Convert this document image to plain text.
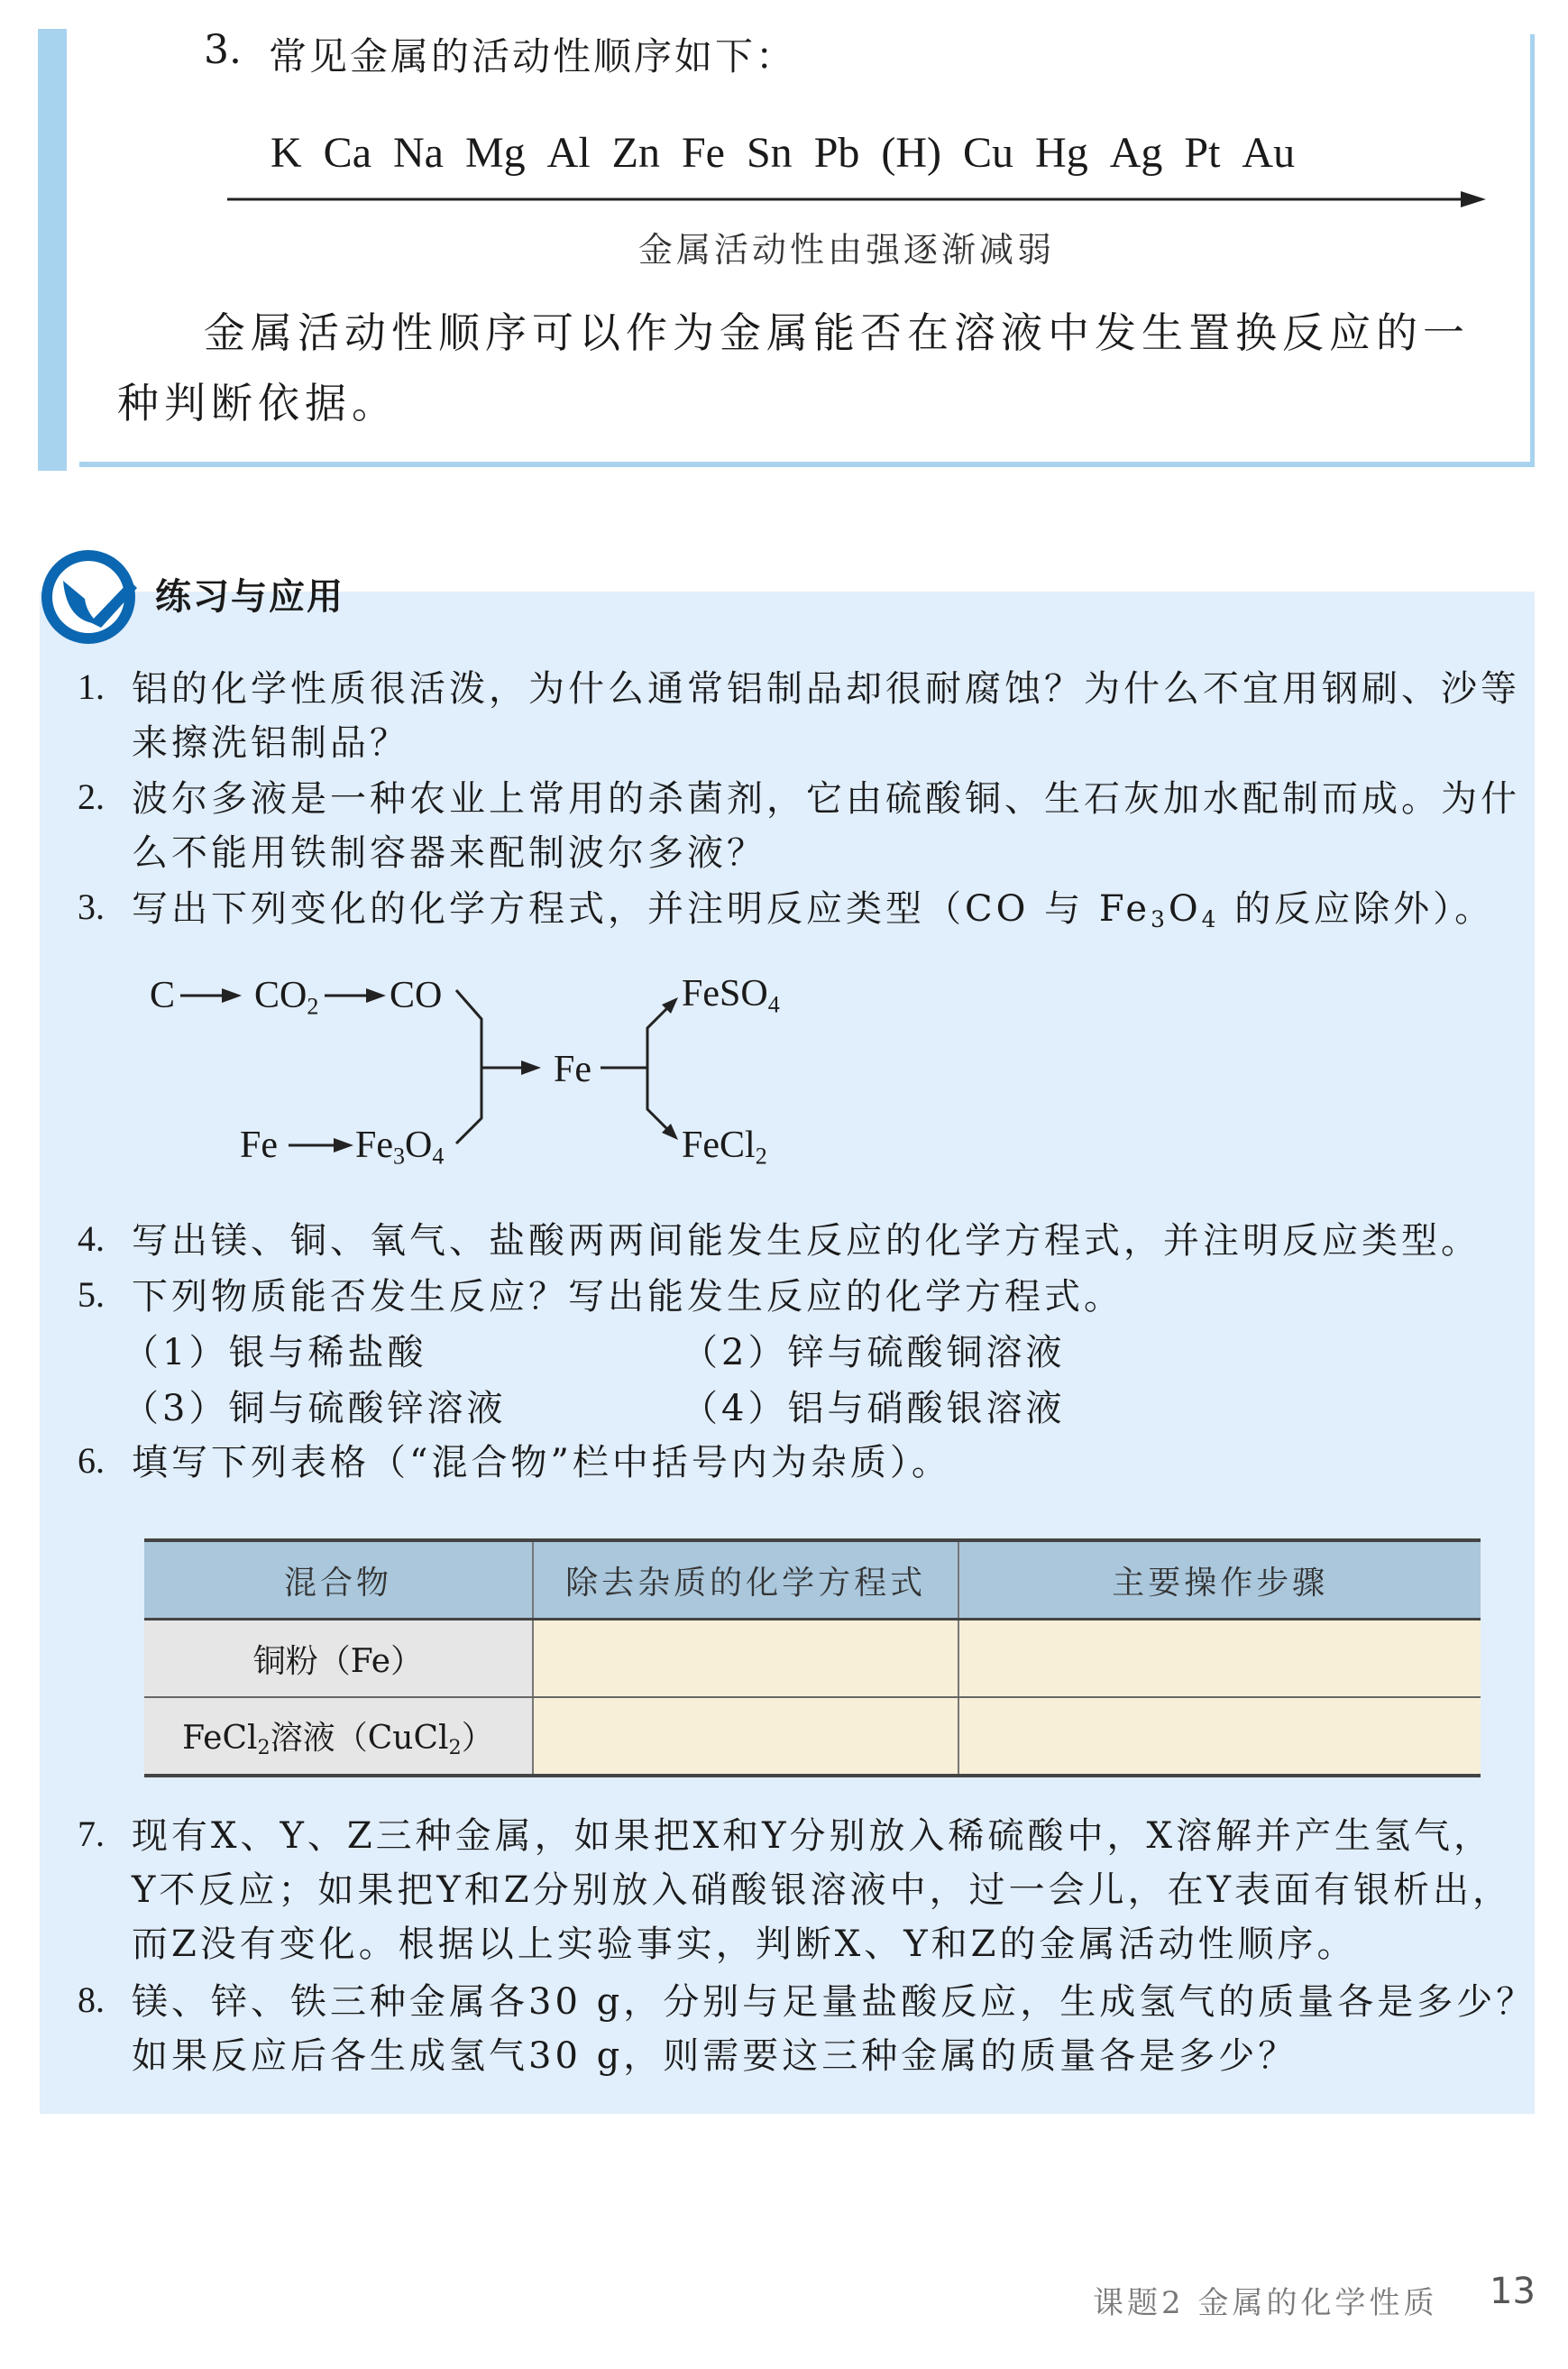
3. 常见金属的活动性顺序如下：
K Ca Na Mg Al Zn Fe Sn Pb (H) Cu Hg Ag Pt Au
金属活动性由强逐渐减弱
金属活动性顺序可以作为金属能否在溶液中发生置换反应的一种判断依据。
练习与应用
1. 铝的化学性质很活泼，为什么通常铝制品却很耐腐蚀？为什么不宜用钢刷、沙等
来擦洗铝制品？
2. 波尔多液是一种农业上常用的杀菌剂，它由硫酸铜、生石灰加水配制而成。为什
么不能用铁制容器来配制波尔多液？
3. 写出下列变化的化学方程式，并注明反应类型（CO 与 $Fe_3O_4$ 的反应除外）。
C $CO_2$ CO
Fe $Fe_3O_4$
Fe
FeSO$_4$
FeCl$_2$
4. 写出镁、铜、氧气、盐酸两两间能发生反应的化学方程式，并注明反应类型。
5. 下列物质能否发生反应？写出能发生反应的化学方程式。
（1）银与稀盐酸	（2）锌与硫酸铜溶液
（3）铜与硫酸锌溶液	（4）铝与硝酸银溶液
6. 填写下列表格（“混合物”栏中括号内为杂质）。
混合物	除去杂质的化学方程式	主要操作步骤
铜粉（Fe）		
FeCl$_2$溶液（CuCl$_2$）		
7. 现有X、Y、Z三种金属，如果把X和Y分别放入稀硫酸中，X溶解并产生氢气，
Y不反应；如果把Y和Z分别放入硝酸银溶液中，过一会儿，在Y表面有银析出，
而Z没有变化。根据以上实验事实，判断X、Y和Z的金属活动性顺序。
8. 镁、锌、铁三种金属各30 g，分别与足量盐酸反应，生成氢气的质量各是多少？
如果反应后各生成氢气30 g，则需要这三种金属的质量各是多少？
课题2 金属的化学性质 13
